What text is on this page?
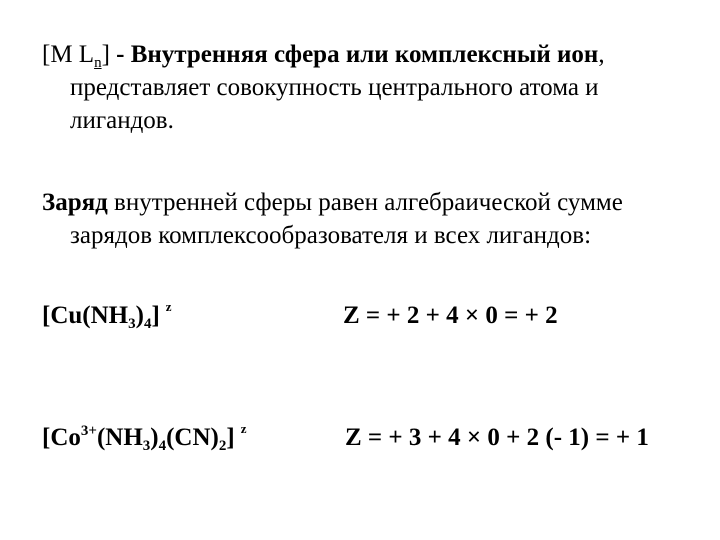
[M $L_n$] - Внутренняя сфера или комплексный ион,
представляет совокупность центрального атома и
лигандов.
Заряд внутренней сферы равен алгебраической сумме
зарядов комплексообразователя и всех лигандов:
$[Cu(NH_3)_4]$ $^z$	Z = + 2 + 4 × 0 = + 2
$[Co^{3+}(NH_3)_4(CN)_2]$ $^z$	Z = + 3 + 4 × 0 + 2 (- 1) = + 1
